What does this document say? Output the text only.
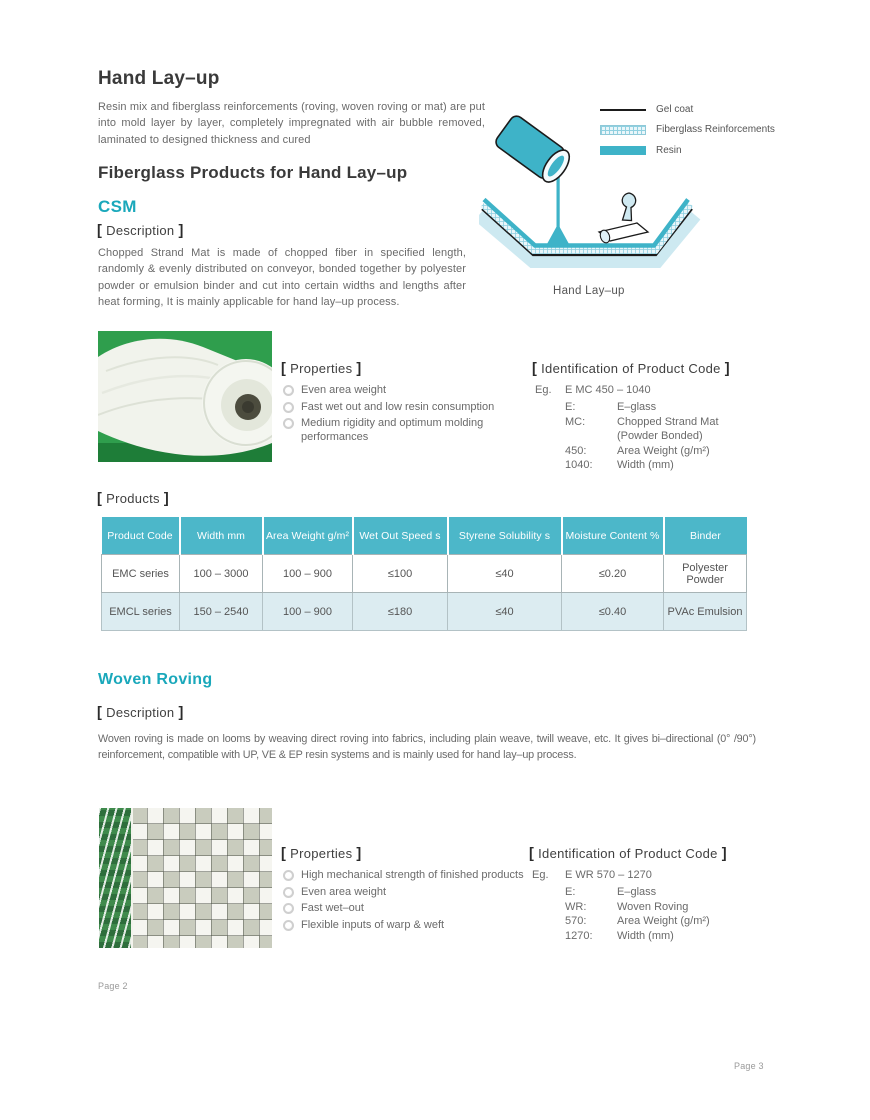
Hand Lay–up
Resin mix and fiberglass reinforcements (roving, woven roving or mat) are put into mold layer by layer, completely impregnated with air bubble removed, laminated to designed thickness and cured
Gel coat
Fiberglass Reinforcements
Resin
Hand Lay–up
Fiberglass Products for Hand Lay–up
CSM
[ Description ]
Chopped Strand Mat is made of chopped fiber in specified length, randomly & evenly distributed on conveyor, bonded together by polyester powder or emulsion binder and cut into certain widths and lengths after heat forming, It is mainly applicable for hand lay–up process.
[ Properties ]
Even area weight
Fast wet out and low resin consumption
Medium rigidity and optimum molding performances
[ Identification of Product Code ]
Eg.	E MC 450 – 1040
E:	E–glass
MC:	Chopped Strand Mat
(Powder Bonded)
450:	Area Weight (g/m²)
1040:	Width (mm)
[ Products ]
Product Code	Width mm	Area Weight g/m²	Wet Out Speed s	Styrene Solubility s	Moisture Content %	Binder
EMC series	100 – 3000	100 – 900	≤100	≤40	≤0.20	Polyester Powder
EMCL series	150 – 2540	100 – 900	≤180	≤40	≤0.40	PVAc Emulsion
Woven Roving
[ Description ]
Woven roving is made on looms by weaving direct roving into fabrics, including plain weave, twill weave, etc. It gives bi–directional (0° /90°) reinforcement, compatible with UP, VE & EP resin systems and is mainly used for hand lay–up process.
[ Properties ]
High mechanical strength of finished products
Even area weight
Fast wet–out
Flexible inputs of warp & weft
[ Identification of Product Code ]
Eg.	E WR 570 – 1270
E:	E–glass
WR:	Woven Roving
570:	Area Weight (g/m²)
1270:	Width (mm)
Page 2
Page 3
